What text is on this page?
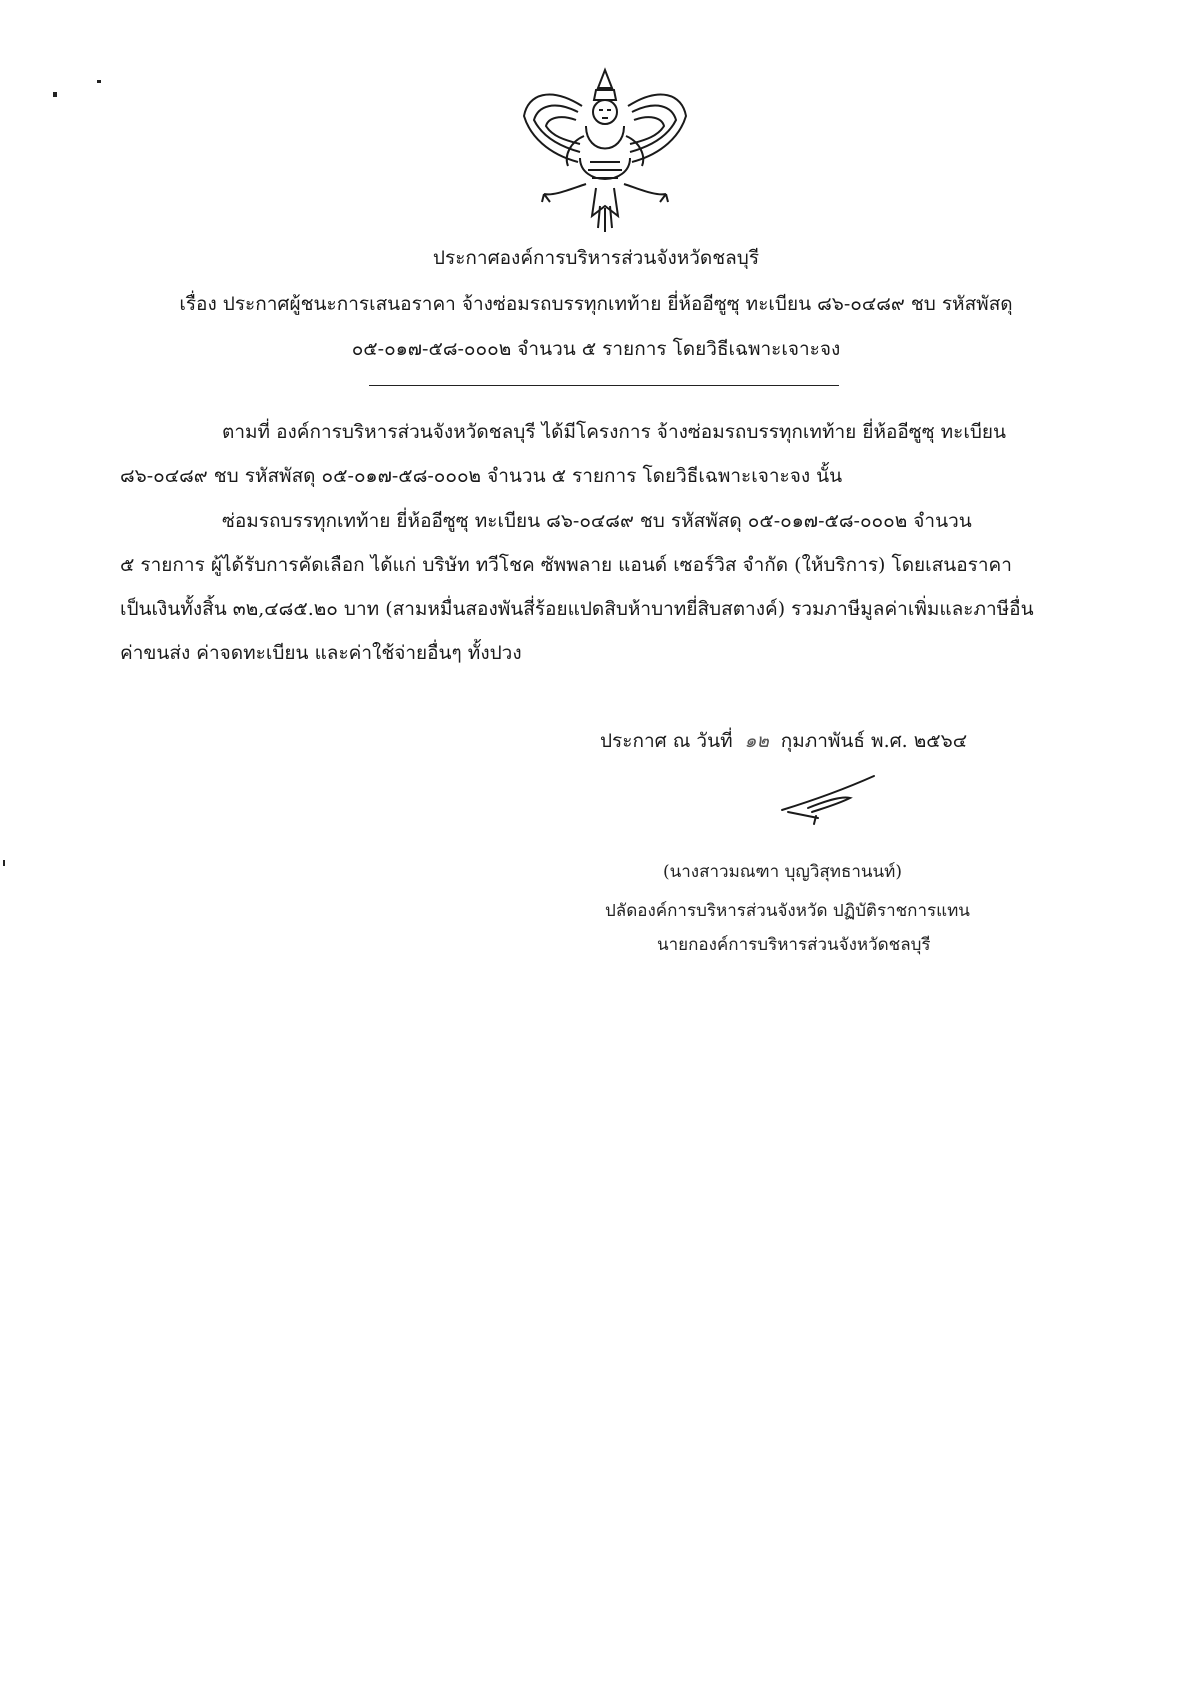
ประกาศองค์การบริหารส่วนจังหวัดชลบุรี
เรื่อง ประกาศผู้ชนะการเสนอราคา จ้างซ่อมรถบรรทุกเทท้าย ยี่ห้ออีซูซุ ทะเบียน ๘๖-๐๔๘๙ ชบ รหัสพัสดุ
๐๕-๐๑๗-๕๘-๐๐๐๒ จำนวน ๕ รายการ โดยวิธีเฉพาะเจาะจง
ตามที่ องค์การบริหารส่วนจังหวัดชลบุรี ได้มีโครงการ จ้างซ่อมรถบรรทุกเทท้าย ยี่ห้ออีซูซุ ทะเบียน
๘๖-๐๔๘๙ ชบ รหัสพัสดุ ๐๕-๐๑๗-๕๘-๐๐๐๒ จำนวน ๕ รายการ โดยวิธีเฉพาะเจาะจง นั้น
ซ่อมรถบรรทุกเทท้าย ยี่ห้ออีซูซุ ทะเบียน ๘๖-๐๔๘๙ ชบ รหัสพัสดุ ๐๕-๐๑๗-๕๘-๐๐๐๒ จำนวน
๕ รายการ ผู้ได้รับการคัดเลือก ได้แก่ บริษัท ทวีโชค ซัพพลาย แอนด์ เซอร์วิส จำกัด (ให้บริการ) โดยเสนอราคา
เป็นเงินทั้งสิ้น ๓๒,๔๘๕.๒๐ บาท (สามหมื่นสองพันสี่ร้อยแปดสิบห้าบาทยี่สิบสตางค์) รวมภาษีมูลค่าเพิ่มและภาษีอื่น
ค่าขนส่ง ค่าจดทะเบียน และค่าใช้จ่ายอื่นๆ ทั้งปวง
ประกาศ ณ วันที่ ๑๒ กุมภาพันธ์ พ.ศ. ๒๕๖๔
(นางสาวมณฑา บุญวิสุทธานนท์)
ปลัดองค์การบริหารส่วนจังหวัด ปฏิบัติราชการแทน
นายกองค์การบริหารส่วนจังหวัดชลบุรี
